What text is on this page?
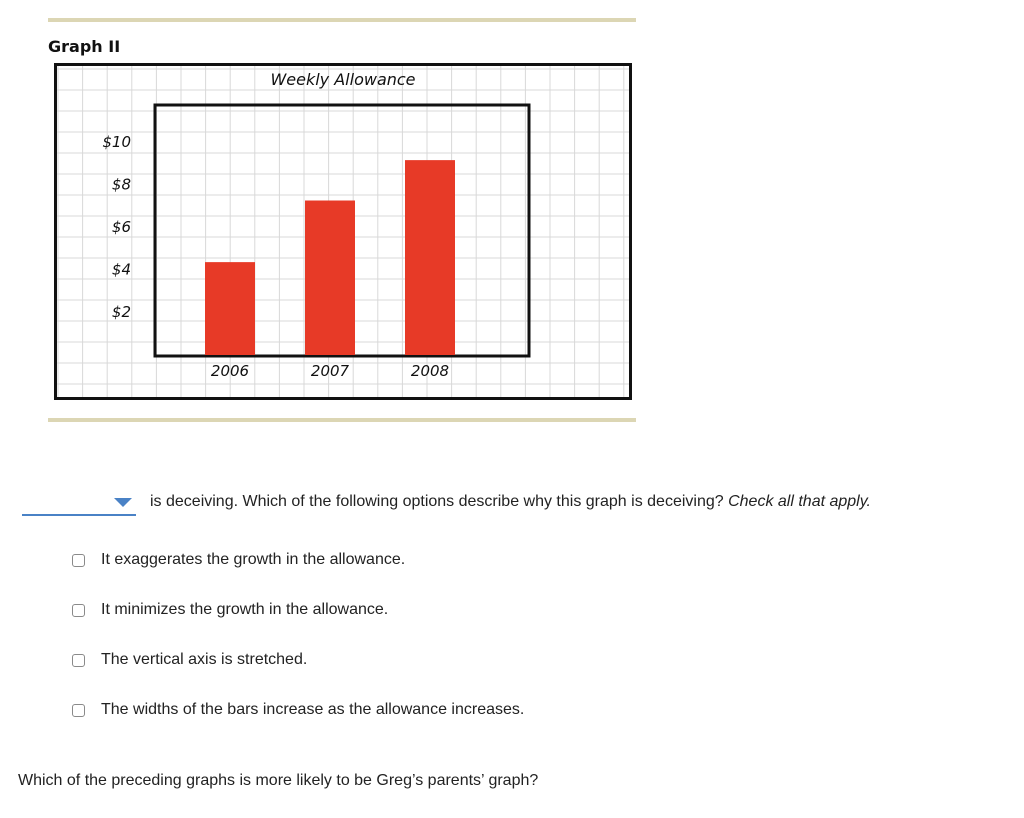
Graph II
Weekly Allowance
$10
$8
$6
$4
$2
2006	2007	2008
is deceiving. Which of the following options describe why this graph is deceiving? Check all that apply.
It exaggerates the growth in the allowance.
It minimizes the growth in the allowance.
The vertical axis is stretched.
The widths of the bars increase as the allowance increases.
Which of the preceding graphs is more likely to be Greg’s parents’ graph?
